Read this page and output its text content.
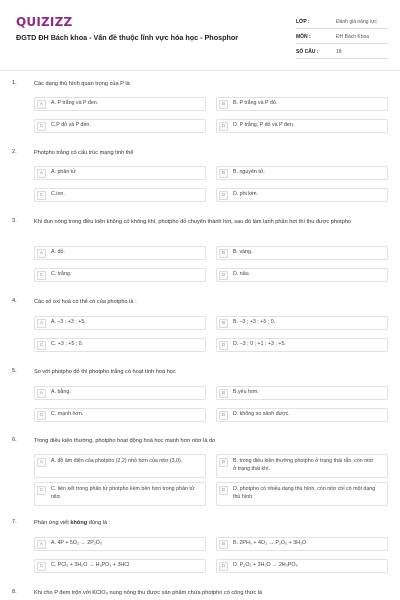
QUIZIZZ
ĐGTD ĐH Bách khoa - Vấn đề thuộc lĩnh vực hóa học - Phosphor
LỚP :	Đánh giá năng lực
MÔN :	ĐH Bách Khoa
SỐ CÂU :	18
1.	Các dạng thù hình quan trọng của P là
A	A. P trắng và P đen.	B	B. P trắng và P đỏ.
C	C.P đỏ và P đen.	D	D. P trắng, P đỏ và P đen.
2.	Photpho trắng có cấu trúc mạng tinh thể
A	A. phân tử	B	B. nguyên tử.
C	C.ion.	D	D. phi kim.
3.	Khi đun nóng trong điều kiện không có không khí, photpho đỏ chuyển thành hơi, sau đó làm lạnh phần hơi thì thu được photpho
A	A. đỏ.	B	B. vàng.
C	C. trắng.	D	D. nâu.
4.	Các số oxi hoá có thể có của photpho là :
A	A. –3 ; +3 ; +5.	B	B. –3 ; +3 ; +5 ; 0.
C	C. +3 ; +5 ; 0.	D	D. –3 ; 0 ; +1 ; +3 ; +5.
5.	So với photpho đỏ thì photpho trắng có hoạt tính hoá học
A	A. bằng.	B	B.yếu hơn.
C	C. mạnh hơn.	D	D. không so sánh được.
6.	Trong điều kiện thường, photpho hoạt động hoá học mạnh hơn nitơ là do
A	A. độ âm điện của photpho (2,2) nhỏ hơn của nitơ (3,0).	B	B. trong điều kiện thường photpho ở trạng thái rắn, còn nitơ ở trạng thái khí.
C	C. liên kết trong phân tử photpho kém bền hơn trong phân tử nitơ.
D	D. photpho có nhiều dạng thù hình, còn nitơ chỉ có một dạng thù hình.
7.	Phản ứng viết không đúng là :
A	A. 4P + 5O₂ → 2P₂O₅	B	B. 2PH₃ + 4O₂ → P₂O₅ + 3H₂O
C	C. PCl₅ + 3H₂O → H₃PO₃ + 3HCl	D	D. P₂O₃ + 3H₂O → 2H₃PO₄
8.	Khi cho P đem trộn với KClO₃ nung nóng thu được sản phẩm chứa photpho có công thức là
